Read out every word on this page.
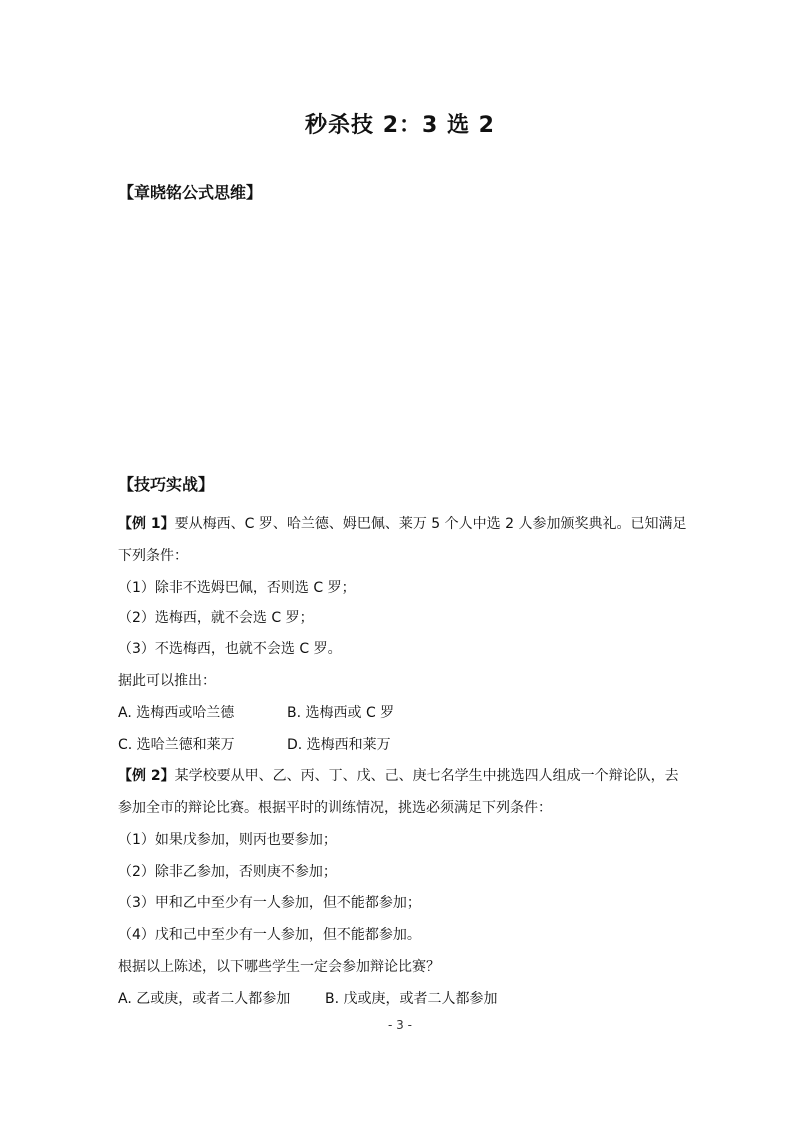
秒杀技 2：3 选 2
【章晓铭公式思维】
【技巧实战】
【例 1】要从梅西、C 罗、哈兰德、姆巴佩、莱万 5 个人中选 2 人参加颁奖典礼。已知满足
下列条件：
（1）除非不选姆巴佩，否则选 C 罗；
（2）选梅西，就不会选 C 罗；
（3）不选梅西，也就不会选 C 罗。
据此可以推出：
A. 选梅西或哈兰德	B. 选梅西或 C 罗
C. 选哈兰德和莱万	D. 选梅西和莱万
【例 2】某学校要从甲、乙、丙、丁、戊、己、庚七名学生中挑选四人组成一个辩论队，去
参加全市的辩论比赛。根据平时的训练情况，挑选必须满足下列条件：
（1）如果戊参加，则丙也要参加；
（2）除非乙参加，否则庚不参加；
（3）甲和乙中至少有一人参加，但不能都参加；
（4）戊和己中至少有一人参加，但不能都参加。
根据以上陈述，以下哪些学生一定会参加辩论比赛？
A. 乙或庚，或者二人都参加 B. 戊或庚，或者二人都参加
- 3 -
